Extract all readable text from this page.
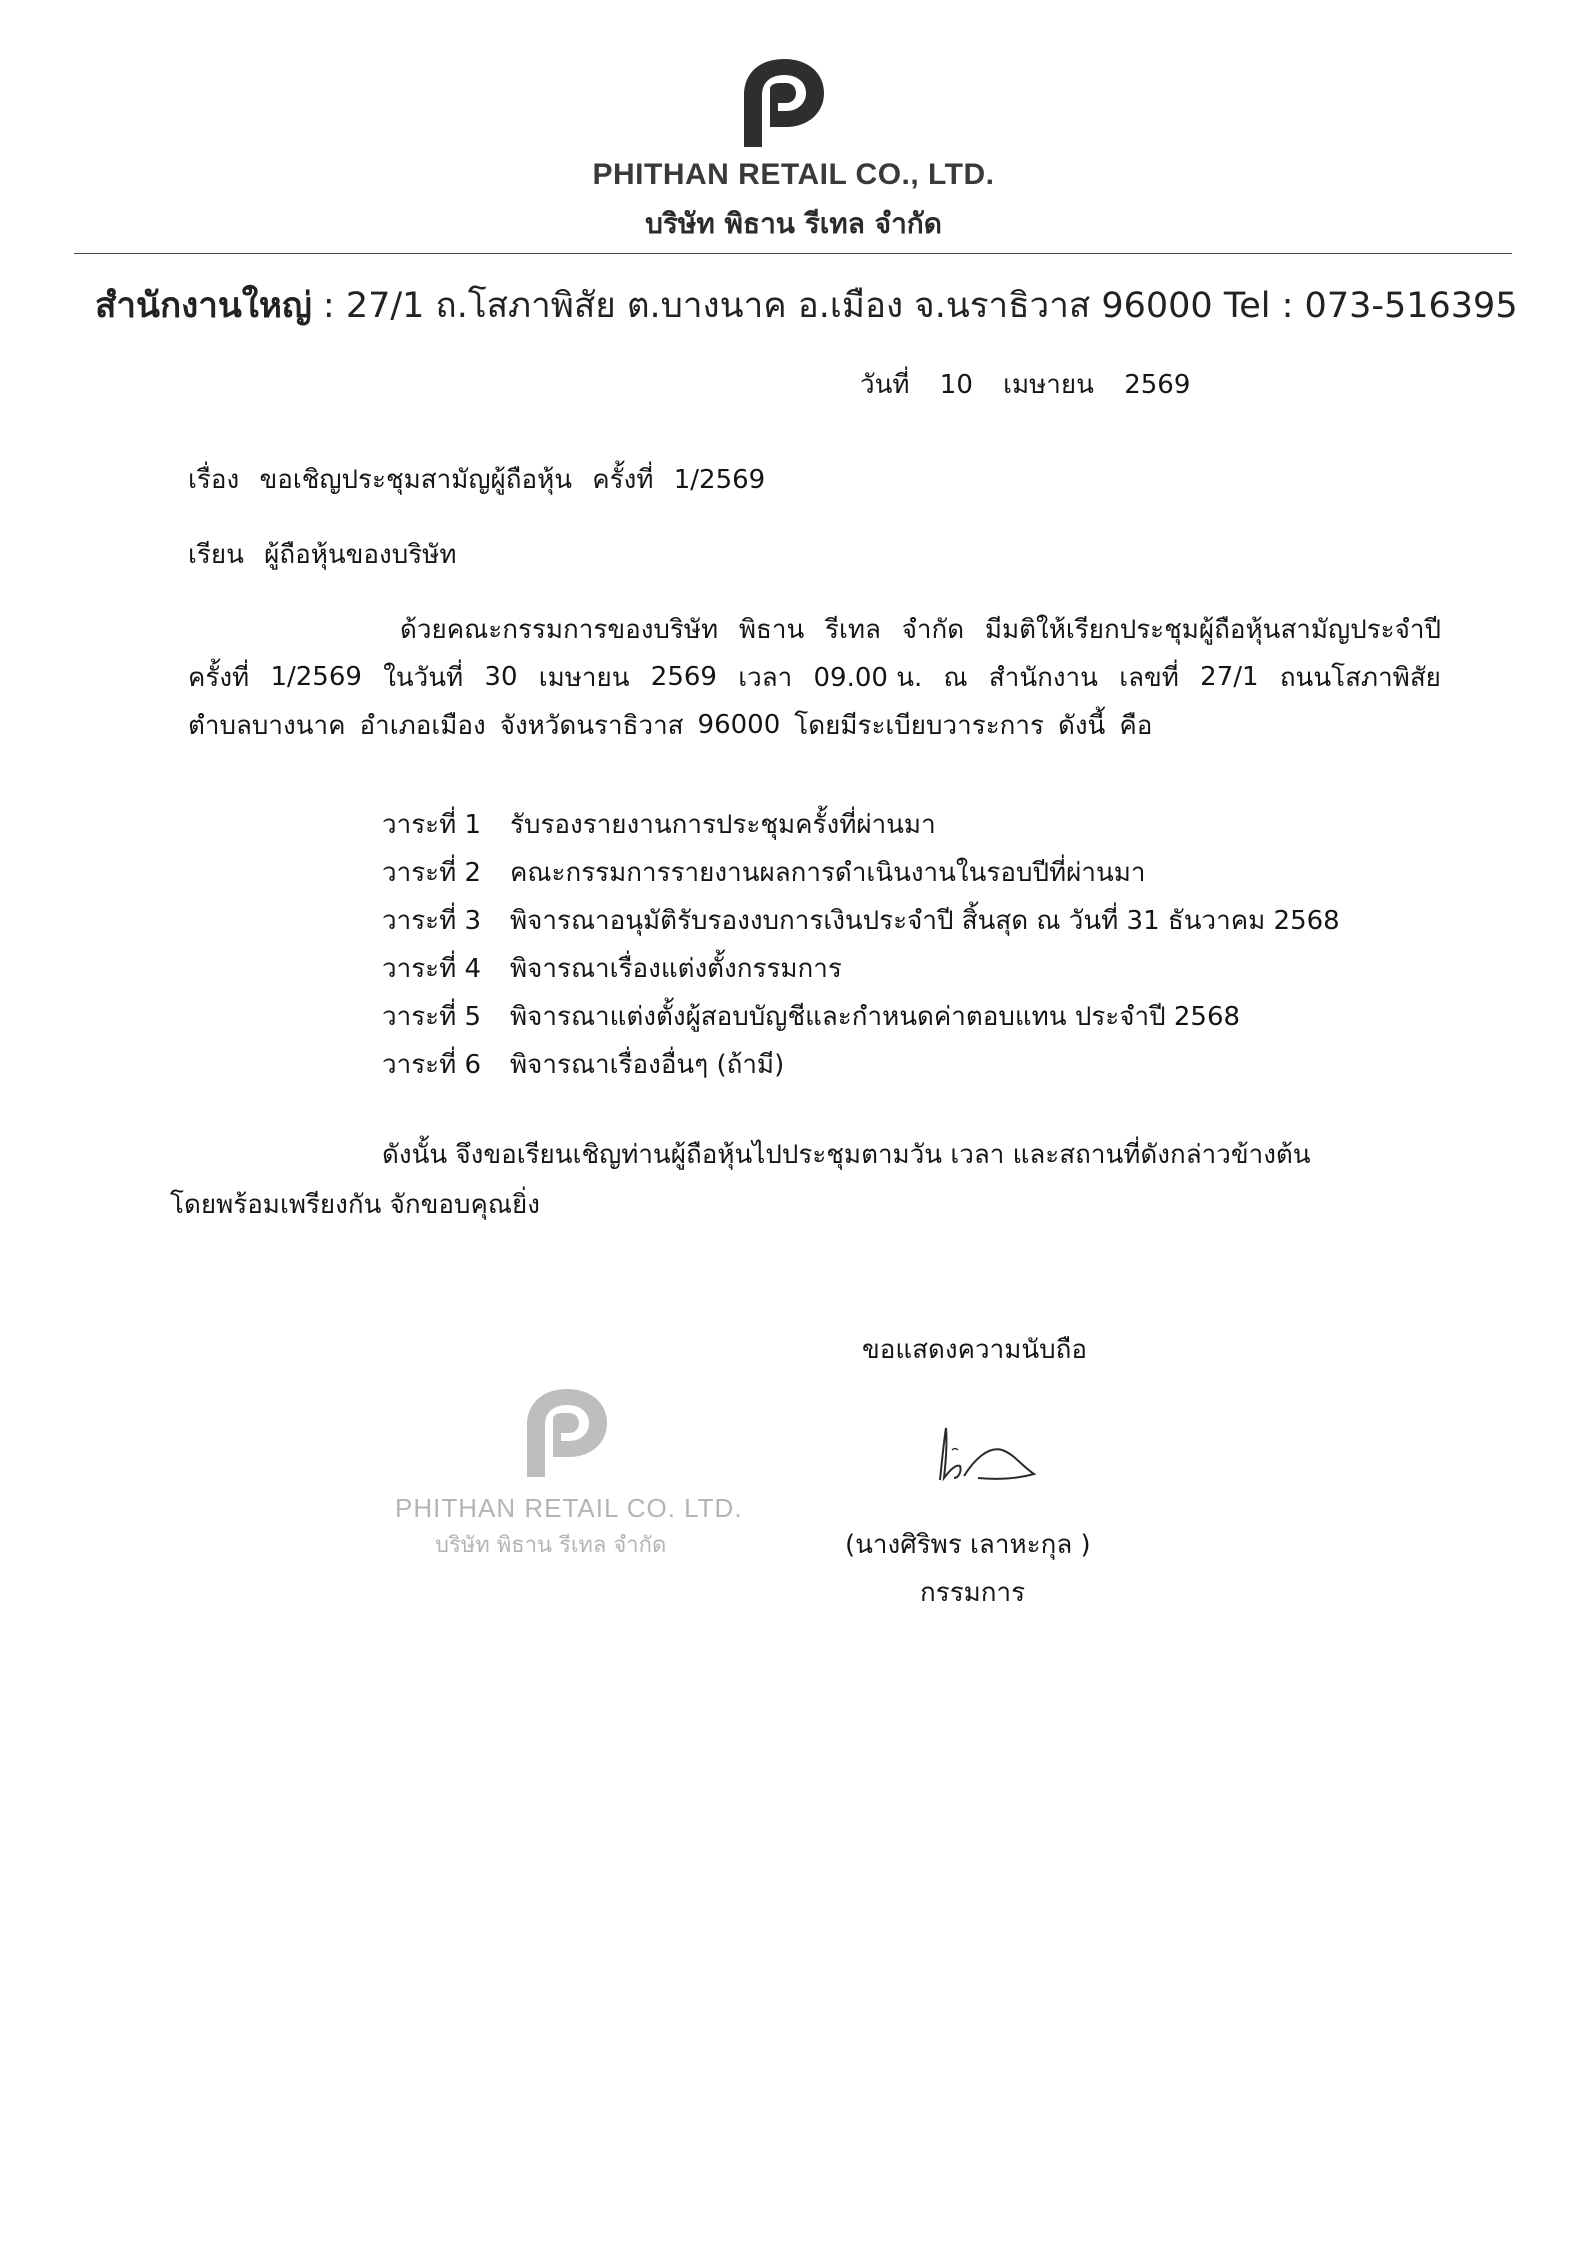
PHITHAN RETAIL CO., LTD.
บริษัท พิธาน รีเทล จำกัด
สำนักงานใหญ่ : 27/1 ถ.โสภาพิสัย ต.บางนาค อ.เมือง จ.นราธิวาส 96000 Tel : 073-516395
วันที่ 10 เมษายน 2569
เรื่อง ขอเชิญประชุมสามัญผู้ถือหุ้น ครั้งที่ 1/2569
เรียน ผู้ถือหุ้นของบริษัท
ด้วยคณะกรรมการของบริษัท พิธาน รีเทล จำกัด มีมติให้เรียกประชุมผู้ถือหุ้นสามัญประจำปี
ครั้งที่ 1/2569 ในวันที่ 30 เมษายน 2569 เวลา 09.00 น. ณ สำนักงาน เลขที่ 27/1 ถนนโสภาพิสัย
ตำบลบางนาค อำเภอเมือง จังหวัดนราธิวาส 96000 โดยมีระเบียบวาระการ ดังนี้ คือ
วาระที่ 1	รับรองรายงานการประชุมครั้งที่ผ่านมา
วาระที่ 2	คณะกรรมการรายงานผลการดำเนินงานในรอบปีที่ผ่านมา
วาระที่ 3	พิจารณาอนุมัติรับรองงบการเงินประจำปี สิ้นสุด ณ วันที่ 31 ธันวาคม 2568
วาระที่ 4	พิจารณาเรื่องแต่งตั้งกรรมการ
วาระที่ 5	พิจารณาแต่งตั้งผู้สอบบัญชีและกำหนดค่าตอบแทน ประจำปี 2568
วาระที่ 6	พิจารณาเรื่องอื่นๆ (ถ้ามี)
ดังนั้น จึงขอเรียนเชิญท่านผู้ถือหุ้นไปประชุมตามวัน เวลา และสถานที่ดังกล่าวข้างต้น
โดยพร้อมเพรียงกัน จักขอบคุณยิ่ง
ขอแสดงความนับถือ
(นางศิริพร เลาหะกุล )
กรรมการ
PHITHAN RETAIL CO. LTD.
บริษัท พิธาน รีเทล จำกัด
